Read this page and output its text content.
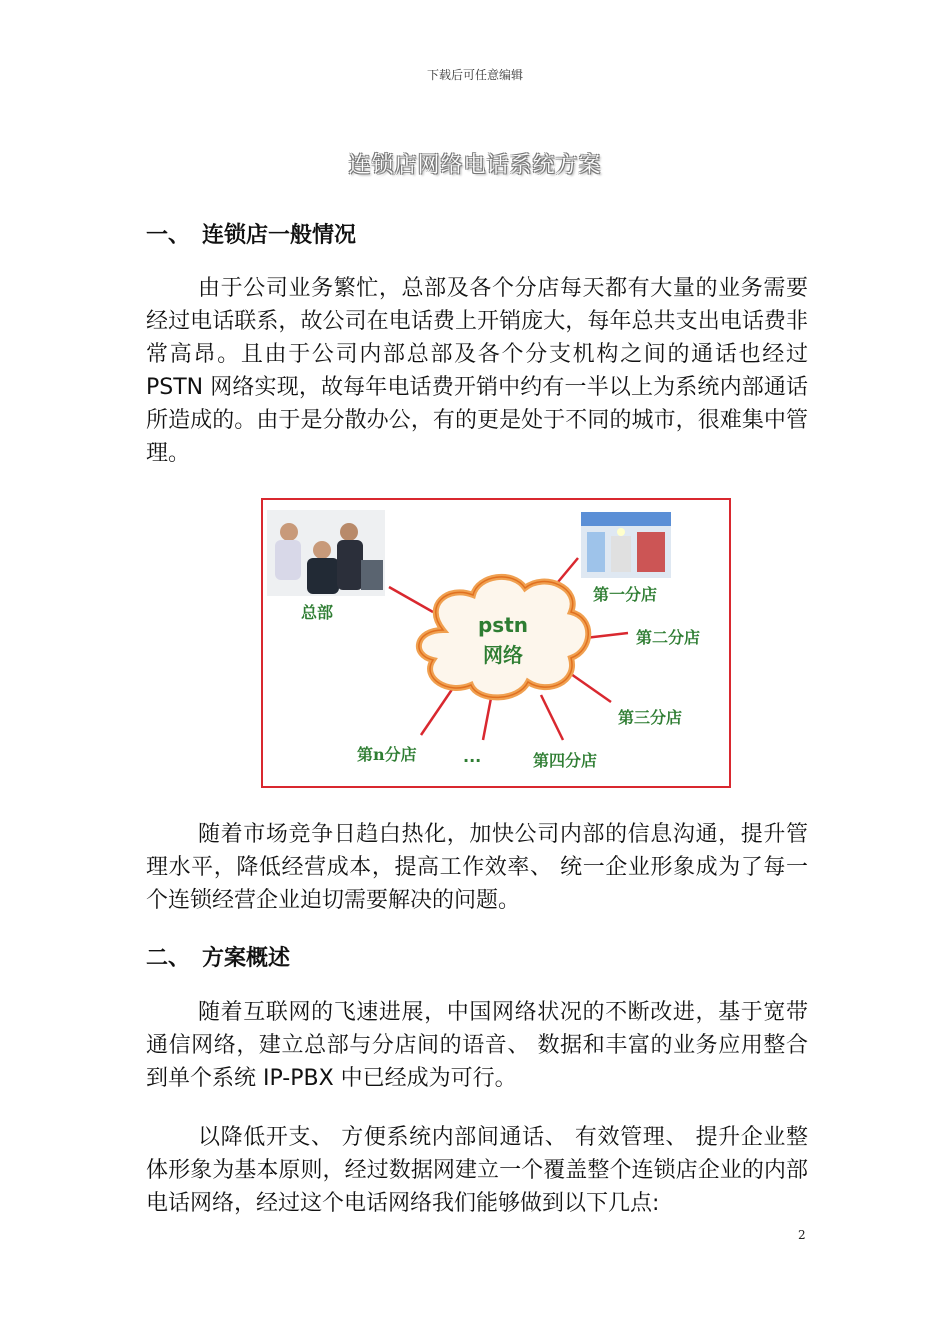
下载后可任意编辑
连锁店网络电话系统方案
一、 连锁店一般情况

由于公司业务繁忙，总部及各个分店每天都有大量的业务需要经过电话联系，故公司在电话费上开销庞大，每年总共支出电话费非常高昂。且由于公司内部总部及各个分支机构之间的通话也经过 PSTN 网络实现，故每年电话费开销中约有一半以上为系统内部通话所造成的。由于是分散办公，有的更是处于不同的城市，很难集中管理。

pstn
网络
总部
第一分店
第二分店
第三分店
第四分店
第n分店	...

随着市场竞争日趋白热化，加快公司内部的信息沟通，提升管理水平，降低经营成本，提高工作效率、 统一企业形象成为了每一个连锁经营企业迫切需要解决的问题。

二、 方案概述

随着互联网的飞速进展，中国网络状况的不断改进，基于宽带通信网络，建立总部与分店间的语音、 数据和丰富的业务应用整合到单个系统 IP-PBX 中已经成为可行。

以降低开支、 方便系统内部间通话、 有效管理、 提升企业整体形象为基本原则，经过数据网建立一个覆盖整个连锁店企业的内部电话网络，经过这个电话网络我们能够做到以下几点:

2
